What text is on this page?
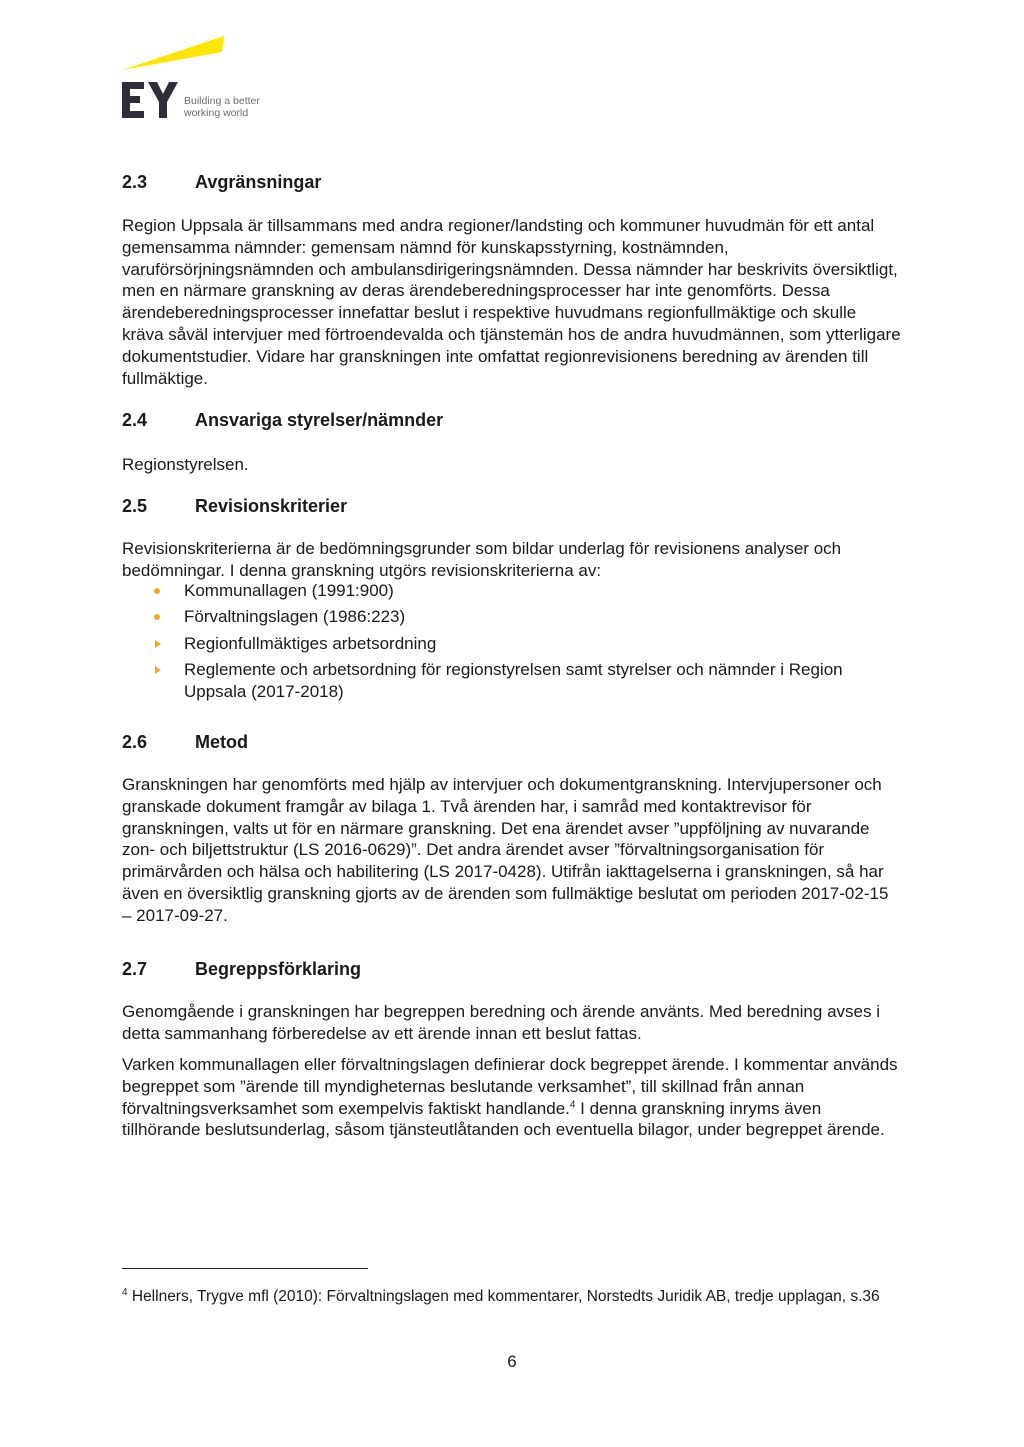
Building a better
working world
2.3	Avgränsningar

Region Uppsala är tillsammans med andra regioner/landsting och kommuner huvudmän för ett antal gemensamma nämnder: gemensam nämnd för kunskapsstyrning, kostnämnden, varuförsörjningsnämnden och ambulansdirigeringsnämnden. Dessa nämnder har beskrivits översiktligt, men en närmare granskning av deras ärendeberedningsprocesser har inte genomförts. Dessa ärendeberedningsprocesser innefattar beslut i respektive huvudmans regionfullmäktige och skulle kräva såväl intervjuer med förtroendevalda och tjänstemän hos de andra huvudmännen, som ytterligare dokumentstudier. Vidare har granskningen inte omfattat regionrevisionens beredning av ärenden till fullmäktige.

2.4	Ansvariga styrelser/nämnder

Regionstyrelsen.

2.5	Revisionskriterier

Revisionskriterierna är de bedömningsgrunder som bildar underlag för revisionens analyser och bedömningar. I denna granskning utgörs revisionskriterierna av:

Kommunallagen (1991:900)
Förvaltningslagen (1986:223)
Regionfullmäktiges arbetsordning
Reglemente och arbetsordning för regionstyrelsen samt styrelser och nämnder i Region Uppsala (2017-2018)
2.6	Metod

Granskningen har genomförts med hjälp av intervjuer och dokumentgranskning. Intervjupersoner och granskade dokument framgår av bilaga 1. Två ärenden har, i samråd med kontaktrevisor för granskningen, valts ut för en närmare granskning. Det ena ärendet avser ”uppföljning av nuvarande zon- och biljettstruktur (LS 2016-0629)”. Det andra ärendet avser ”förvaltningsorganisation för primärvården och hälsa och habilitering (LS 2017-0428). Utifrån iakttagelserna i granskningen, så har även en översiktlig granskning gjorts av de ärenden som fullmäktige beslutat om perioden 2017-02-15 – 2017-09-27.

2.7	Begreppsförklaring

Genomgående i granskningen har begreppen beredning och ärende använts. Med beredning avses i detta sammanhang förberedelse av ett ärende innan ett beslut fattas.

Varken kommunallagen eller förvaltningslagen definierar dock begreppet ärende. I kommentar används begreppet som ”ärende till myndigheternas beslutande verksamhet”, till skillnad från annan förvaltningsverksamhet som exempelvis faktiskt handlande.$^4$ I denna granskning inryms även tillhörande beslutsunderlag, såsom tjänsteutlåtanden och eventuella bilagor, under begreppet ärende.

$^4$ Hellners, Trygve mfl (2010): Förvaltningslagen med kommentarer, Norstedts Juridik AB, tredje upplagan, s.36

6
